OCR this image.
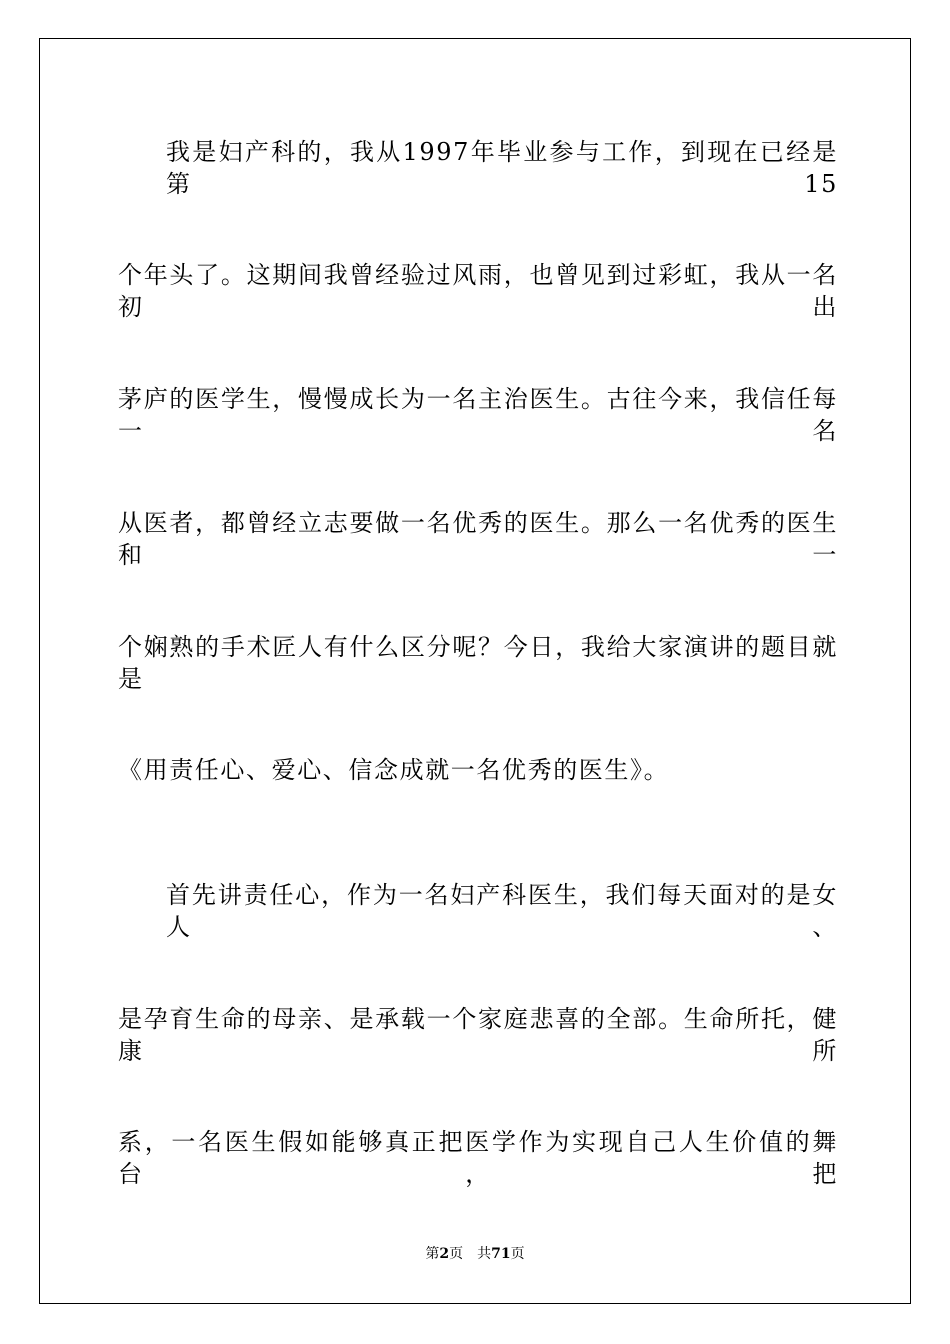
我是妇产科的，我从1997年毕业参与工作，到现在已经是第15
个年头了。这期间我曾经验过风雨，也曾见到过彩虹，我从一名初出
茅庐的医学生，慢慢成长为一名主治医生。古往今来，我信任每一名
从医者，都曾经立志要做一名优秀的医生。那么一名优秀的医生和一
个娴熟的手术匠人有什么区分呢？今日，我给大家演讲的题目就是
《用责任心、爱心、信念成就一名优秀的医生》。
首先讲责任心，作为一名妇产科医生，我们每天面对的是女人、
是孕育生命的母亲、是承载一个家庭悲喜的全部。生命所托，健康所
系，一名医生假如能够真正把医学作为实现自己人生价值的舞台，把
第2页 共71页
